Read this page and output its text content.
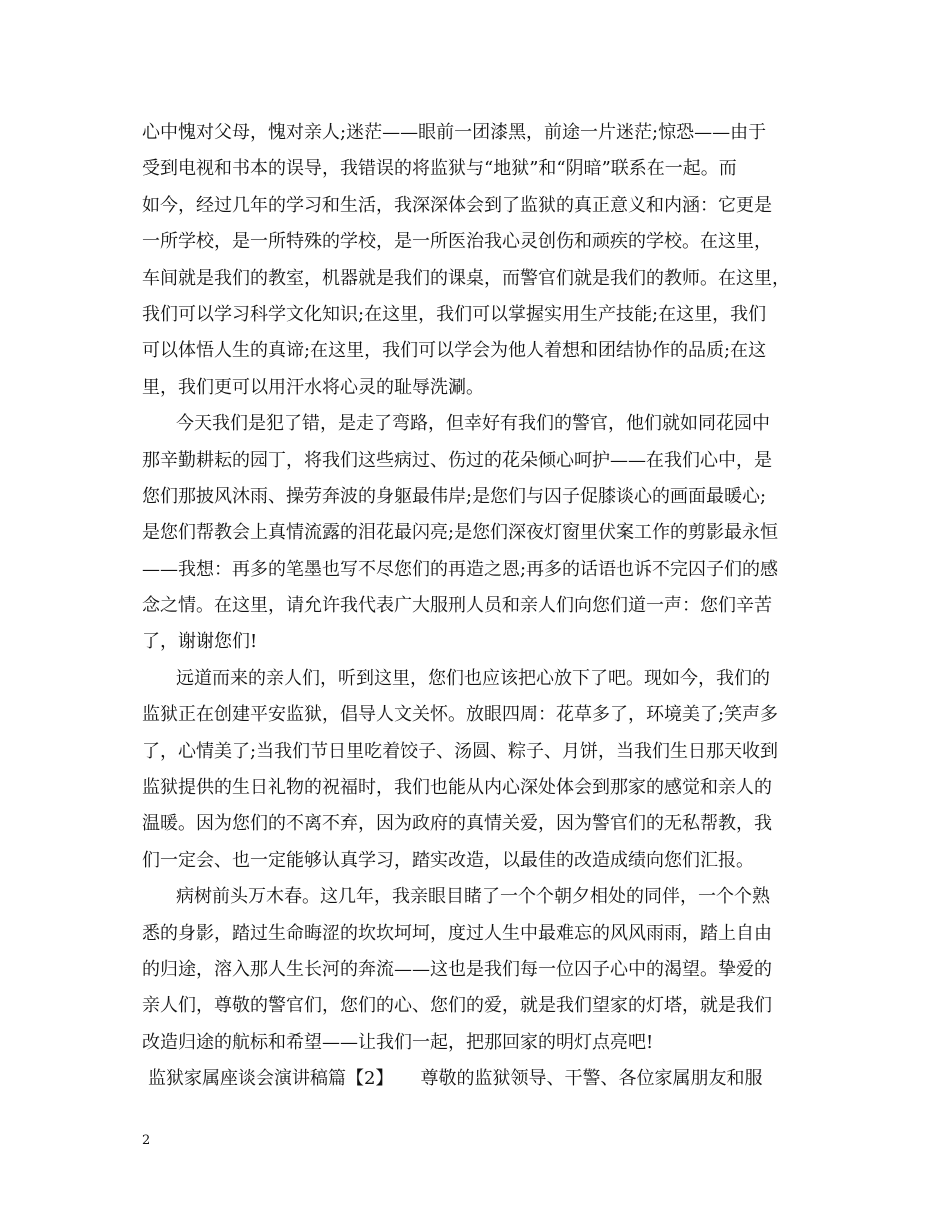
心中愧对父母，愧对亲人;迷茫——眼前一团漆黑，前途一片迷茫;惊恐——由于
受到电视和书本的误导，我错误的将监狱与“地狱”和“阴暗”联系在一起。而
如今，经过几年的学习和生活，我深深体会到了监狱的真正意义和内涵：它更是
一所学校，是一所特殊的学校，是一所医治我心灵创伤和顽疾的学校。在这里，
车间就是我们的教室，机器就是我们的课桌，而警官们就是我们的教师。在这里，
我们可以学习科学文化知识;在这里，我们可以掌握实用生产技能;在这里，我们
可以体悟人生的真谛;在这里，我们可以学会为他人着想和团结协作的品质;在这
里，我们更可以用汗水将心灵的耻辱洗涮。
今天我们是犯了错，是走了弯路，但幸好有我们的警官，他们就如同花园中
那辛勤耕耘的园丁，将我们这些病过、伤过的花朵倾心呵护——在我们心中，是
您们那披风沐雨、操劳奔波的身躯最伟岸;是您们与囚子促膝谈心的画面最暖心;
是您们帮教会上真情流露的泪花最闪亮;是您们深夜灯窗里伏案工作的剪影最永恒
——我想：再多的笔墨也写不尽您们的再造之恩;再多的话语也诉不完囚子们的感
念之情。在这里，请允许我代表广大服刑人员和亲人们向您们道一声：您们辛苦
了，谢谢您们!
远道而来的亲人们，听到这里，您们也应该把心放下了吧。现如今，我们的
监狱正在创建平安监狱，倡导人文关怀。放眼四周：花草多了，环境美了;笑声多
了，心情美了;当我们节日里吃着饺子、汤圆、粽子、月饼，当我们生日那天收到
监狱提供的生日礼物的祝福时，我们也能从内心深处体会到那家的感觉和亲人的
温暖。因为您们的不离不弃，因为政府的真情关爱，因为警官们的无私帮教，我
们一定会、也一定能够认真学习，踏实改造，以最佳的改造成绩向您们汇报。
病树前头万木春。这几年，我亲眼目睹了一个个朝夕相处的同伴，一个个熟
悉的身影，踏过生命晦涩的坎坎坷坷，度过人生中最难忘的风风雨雨，踏上自由
的归途，溶入那人生长河的奔流——这也是我们每一位囚子心中的渴望。挚爱的
亲人们，尊敬的警官们，您们的心、您们的爱，就是我们望家的灯塔，就是我们
改造归途的航标和希望——让我们一起，把那回家的明灯点亮吧!
监狱家属座谈会演讲稿篇【2】　　尊敬的监狱领导、干警、各位家属朋友和服
2
